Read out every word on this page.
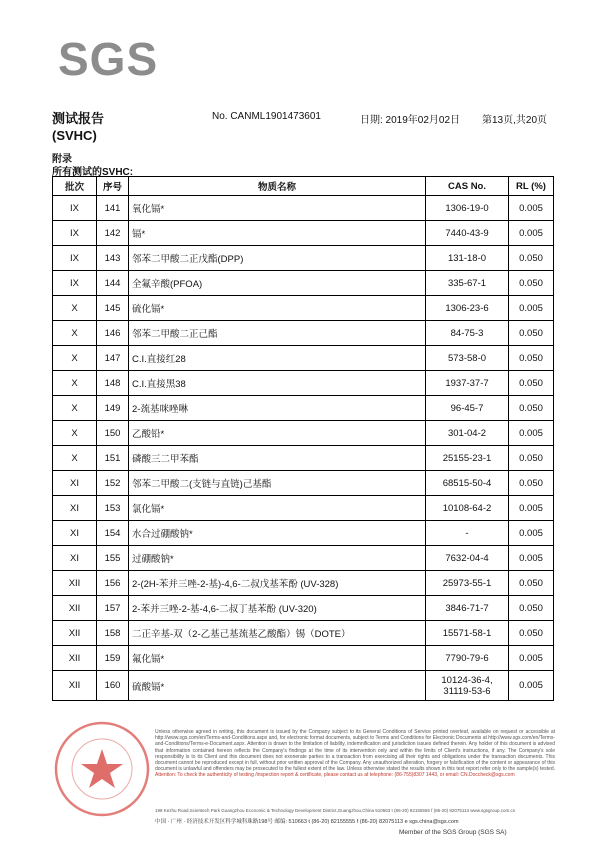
SGS
测试报告
(SVHC)
No. CANML1901473601	日期: 2019年02月02日 第13页,共20页
附录
所有测试的SVHC:
批次	序号	物质名称	CAS No.	RL (%)
IX	141	氧化镉*	1306-19-0	0.005
IX	142	镉*	7440-43-9	0.005
IX	143	邻苯二甲酸二正戊酯(DPP)	131-18-0	0.050
IX	144	全氟辛酸(PFOA)	335-67-1	0.050
X	145	硫化镉*	1306-23-6	0.005
X	146	邻苯二甲酸二正己酯	84-75-3	0.050
X	147	C.I.直接红28	573-58-0	0.050
X	148	C.I.直接黑38	1937-37-7	0.050
X	149	2-巯基咪唑啉	96-45-7	0.050
X	150	乙酸铅*	301-04-2	0.005
X	151	磷酸三二甲苯酯	25155-23-1	0.050
XI	152	邻苯二甲酸二(支链与直链)己基酯	68515-50-4	0.050
XI	153	氯化镉*	10108-64-2	0.005
XI	154	水合过硼酸钠*	-	0.005
XI	155	过硼酸钠*	7632-04-4	0.005
XII	156	2-(2H-苯并三唑-2-基)-4,6-二叔戊基苯酚 (UV-328)	25973-55-1	0.050
XII	157	2-苯并三唑-2-基-4,6-二叔丁基苯酚 (UV-320)	3846-71-7	0.050
XII	158	二正辛基-双（2-乙基己基巯基乙酸酯）锡（DOTE）	15571-58-1	0.050
XII	159	氟化镉*	7790-79-6	0.005
XII	160	硫酸镉*	10124-36-4,
31119-53-6	0.005
Unless otherwise agreed in writing, this document is issued by the Company subject to its General Conditions of Service printed overleaf, available on request or accessible at http://www.sgs.com/en/Terms-and-Conditions.aspx and, for electronic format documents, subject to Terms and Conditions for Electronic Documents at http://www.sgs.com/en/Terms-and-Conditions/Terms-e-Document.aspx. Attention is drawn to the limitation of liability, indemnification and jurisdiction issues defined therein. Any holder of this document is advised that information contained hereon reflects the Company's findings at the time of its intervention only and within the limits of Client's instructions, if any. The Company's sole responsibility is to its Client and this document does not exonerate parties to a transaction from exercising all their rights and obligations under the transaction documents. This document cannot be reproduced except in full, without prior written approval of the Company. Any unauthorized alteration, forgery or falsification of the content or appearance of this document is unlawful and offenders may be prosecuted to the fullest extent of the law. Unless otherwise stated the results shown in this test report refer only to the sample(s) tested. Attention: To check the authenticity of testing /inspection report & certificate, please contact us at telephone: (86-755)8307 1443, or email: CN.Doccheck@sgs.com
198 Kezhu Road,Scientech Park Guangzhou Economic & Technology Development District,Guangzhou,China 510663 t (86-20) 82155555 f (86-20) 82075113 www.sgsgroup.com.cn
中国 · 广州 · 经济技术开发区科学城科珠路198号 邮编: 510663 t (86-20) 82155555 f (86-20) 82075113 e sgs.china@sgs.com
Member of the SGS Group (SGS SA)
